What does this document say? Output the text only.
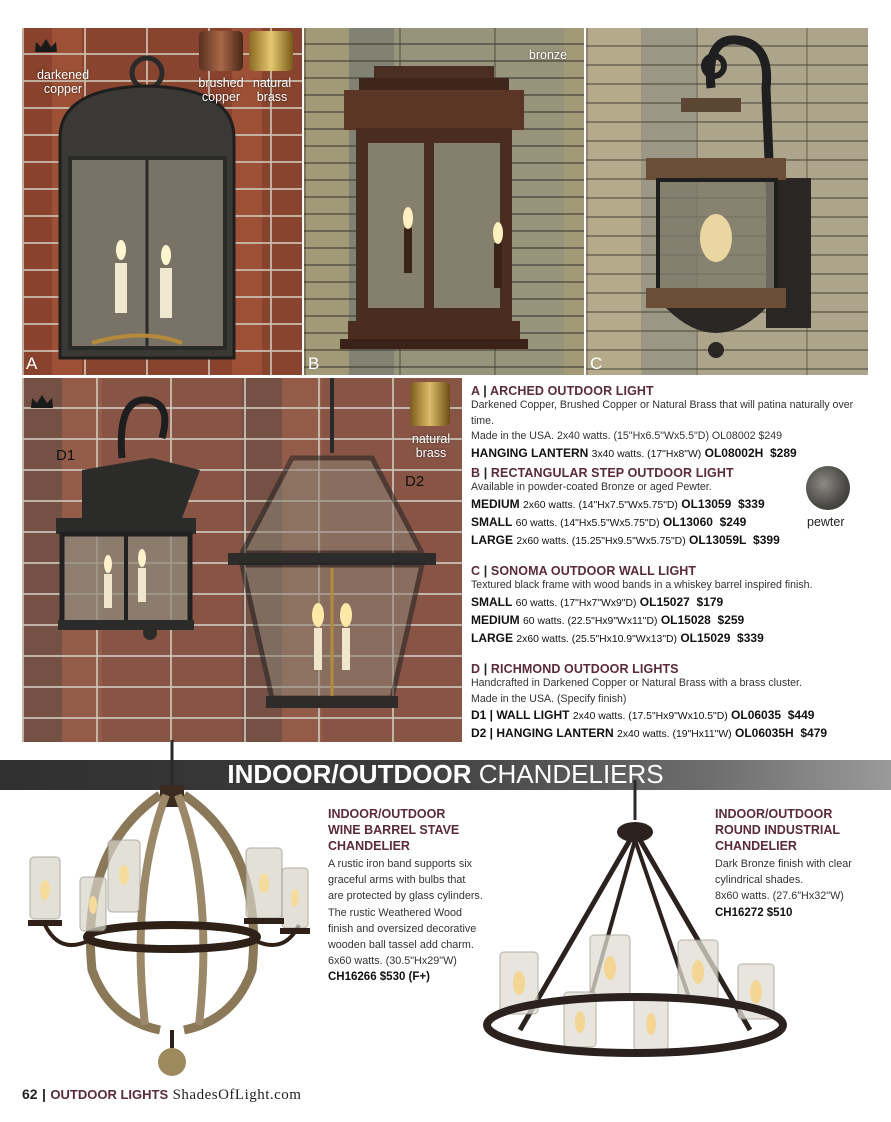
darkened copper	brushed copper
natural brass
A
bronze
B	C
natural brass
D1
D2
pewter
A | ARCHED OUTDOOR LIGHT
Darkened Copper, Brushed Copper or Natural Brass that will patina naturally over time.
Made in the USA. 2x40 watts. (15"Hx6.5"Wx5.5"D) OL08002 $249
HANGING LANTERN 3x40 watts. (17"Hx8"W) OL08002H $289
B | RECTANGULAR STEP OUTDOOR LIGHT
Available in powder-coated Bronze or aged Pewter.
MEDIUM 2x60 watts. (14"Hx7.5"Wx5.75"D) OL13059 $339
SMALL 60 watts. (14"Hx5.5"Wx5.75"D) OL13060 $249
LARGE 2x60 watts. (15.25"Hx9.5"Wx5.75"D) OL13059L $399
C | SONOMA OUTDOOR WALL LIGHT
Textured black frame with wood bands in a whiskey barrel inspired finish.
SMALL 60 watts. (17"Hx7"Wx9"D) OL15027 $179
MEDIUM 60 watts. (22.5"Hx9"Wx11"D) OL15028 $259
LARGE 2x60 watts. (25.5"Hx10.9"Wx13"D) OL15029 $339
D | RICHMOND OUTDOOR LIGHTS
Handcrafted in Darkened Copper or Natural Brass with a brass cluster.
Made in the USA. (Specify finish)
D1 | WALL LIGHT 2x40 watts. (17.5"Hx9"Wx10.5"D) OL06035 $449
D2 | HANGING LANTERN 2x40 watts. (19"Hx11"W) OL06035H $479
INDOOR/OUTDOOR CHANDELIERS
INDOOR/OUTDOOR
WINE BARREL STAVE
CHANDELIER
A rustic iron band supports six
graceful arms with bulbs that
are protected by glass cylinders.
The rustic Weathered Wood
finish and oversized decorative
wooden ball tassel add charm.
6x60 watts. (30.5"Hx29"W)
CH16266 $530 (F+)
INDOOR/OUTDOOR
ROUND INDUSTRIAL
CHANDELIER
Dark Bronze finish with clear
cylindrical shades.
8x60 watts. (27.6"Hx32"W)
CH16272 $510
62 | OUTDOOR LIGHTS ShadesOfLight.com
